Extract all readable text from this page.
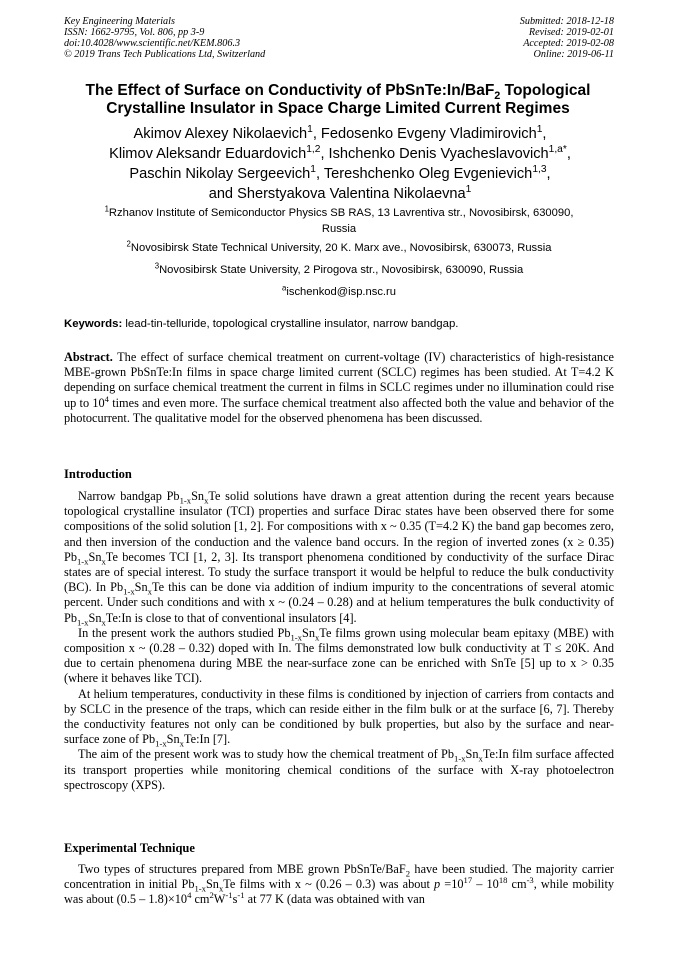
Key Engineering Materials
ISSN: 1662-9795, Vol. 806, pp 3-9
doi:10.4028/www.scientific.net/KEM.806.3
© 2019 Trans Tech Publications Ltd, Switzerland
Submitted: 2018-12-18
Revised: 2019-02-01
Accepted: 2019-02-08
Online: 2019-06-11
The Effect of Surface on Conductivity of PbSnTe:In/BaF$_2$ Topological
Crystalline Insulator in Space Charge Limited Current Regimes
Akimov Alexey Nikolaevich$^1$, Fedosenko Evgeny Vladimirovich$^1$,
Klimov Aleksandr Eduardovich$^{1,2}$, Ishchenko Denis Vyacheslavovich$^{1,a*}$,
Paschin Nikolay Sergeevich$^1$, Tereshchenko Oleg Evgenievich$^{1,3}$,
and Sherstyakova Valentina Nikolaevna$^1$
$^1$Rzhanov Institute of Semiconductor Physics SB RAS, 13 Lavrentiva str., Novosibirsk, 630090,
Russia
$^2$Novosibirsk State Technical University, 20 K. Marx ave., Novosibirsk, 630073, Russia
$^3$Novosibirsk State University, 2 Pirogova str., Novosibirsk, 630090, Russia
$^a$ischenkod@isp.nsc.ru
Keywords: lead-tin-telluride, topological crystalline insulator, narrow bandgap.
Abstract. The effect of surface chemical treatment on current-voltage (IV) characteristics of high-resistance MBE-grown PbSnTe:In films in space charge limited current (SCLC) regimes has been studied. At T=4.2 K depending on surface chemical treatment the current in films in SCLC regimes under no illumination could rise up to $10^4$ times and even more. The surface chemical treatment also affected both the value and behavior of the photocurrent. The qualitative model for the observed phenomena has been discussed.
Introduction

Narrow bandgap $Pb_{1-x}Sn_xTe$ solid solutions have drawn a great attention during the recent years because topological crystalline insulator (TCI) properties and surface Dirac states have been observed there for some compositions of the solid solution [1, 2]. For compositions with x ~ 0.35 (T=4.2 K) the band gap becomes zero, and then inversion of the conduction and the valence band occurs. In the region of inverted zones (x ≥ 0.35) $Pb_{1-x}Sn_xTe$ becomes TCI [1, 2, 3]. Its transport phenomena conditioned by conductivity of the surface Dirac states are of special interest. To study the surface transport it would be helpful to reduce the bulk conductivity (BC). In $Pb_{1-x}Sn_xTe$ this can be done via addition of indium impurity to the concentrations of several atomic percent. Under such conditions and with x ~ (0.24 – 0.28) and at helium temperatures the bulk conductivity of $Pb_{1-x}Sn_xTe:In$ is close to that of conventional insulators [4].

In the present work the authors studied $Pb_{1-x}Sn_xTe$ films grown using molecular beam epitaxy (MBE) with composition x ~ (0.28 – 0.32) doped with In. The films demonstrated low bulk conductivity at T ≤ 20K. And due to certain phenomena during MBE the near-surface zone can be enriched with SnTe [5] up to x > 0.35 (where it behaves like TCI).

At helium temperatures, conductivity in these films is conditioned by injection of carriers from contacts and by SCLC in the presence of the traps, which can reside either in the film bulk or at the surface [6, 7]. Thereby the conductivity features not only can be conditioned by bulk properties, but also by the surface and near-surface zone of $Pb_{1-x}Sn_xTe:In$ [7].

The aim of the present work was to study how the chemical treatment of $Pb_{1-x}Sn_xTe:In$ film surface affected its transport properties while monitoring chemical conditions of the surface with X-ray photoelectron spectroscopy (XPS).

Experimental Technique

Two types of structures prepared from MBE grown PbSnTe/BaF$_2$ have been studied. The majority carrier concentration in initial $Pb_{1-x}Sn_xTe$ films with x ~ (0.26 – 0.3) was about $p =10^{17} - 10^{18}$ $cm^{-3}$, while mobility was about $(0.5 - 1.8)\times 10^4$ $cm^2W^{-1}s^{-1}$ at 77 K (data was obtained with van
